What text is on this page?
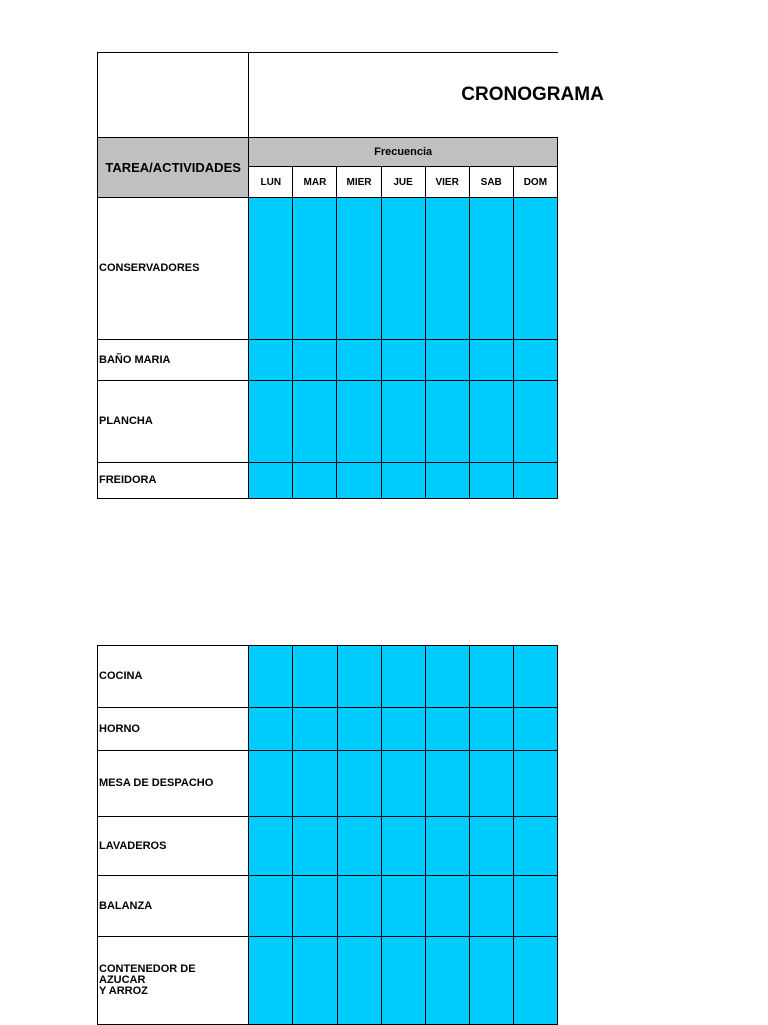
	CRONOGRAMA						
TAREA/ACTIVIDADES	Frecuencia						
	LUN	MAR	MIER	JUE	VIER	SAB	DOM
CONSERVADORES							
BAÑO MARIA							
PLANCHA							
FREIDORA							
COCINA							
HORNO							
MESA DE DESPACHO							
LAVADEROS							
BALANZA							
CONTENEDOR DE
AZUCAR
Y ARROZ							
